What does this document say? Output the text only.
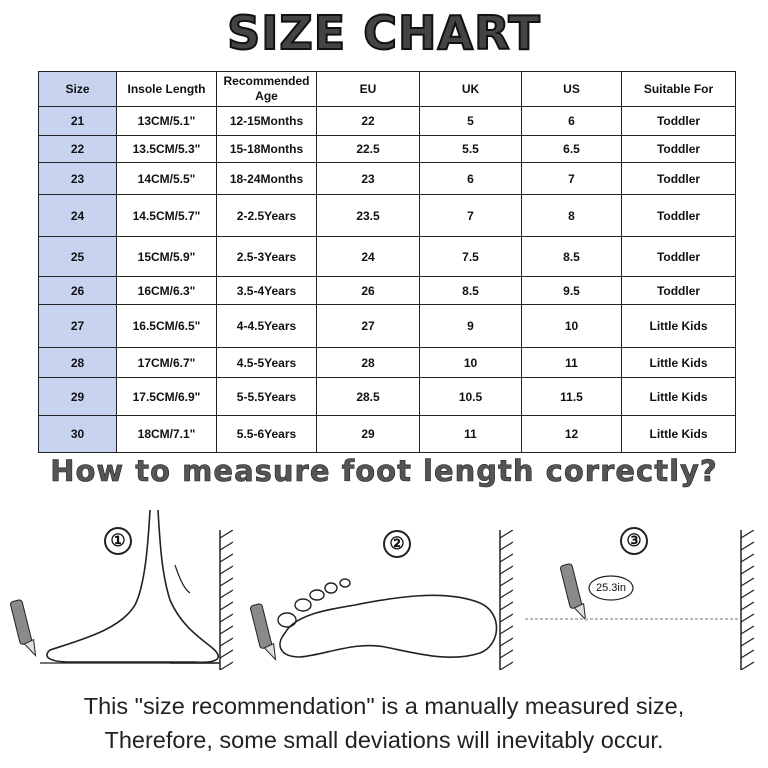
SIZE CHART
Size	Insole Length	Recommended Age	EU	UK	US	Suitable For
21	13CM/5.1"	12-15Months	22	5	6	Toddler
22	13.5CM/5.3"	15-18Months	22.5	5.5	6.5	Toddler
23	14CM/5.5"	18-24Months	23	6	7	Toddler
24	14.5CM/5.7"	2-2.5Years	23.5	7	8	Toddler
25	15CM/5.9"	2.5-3Years	24	7.5	8.5	Toddler
26	16CM/6.3"	3.5-4Years	26	8.5	9.5	Toddler
27	16.5CM/6.5"	4-4.5Years	27	9	10	Little Kids
28	17CM/6.7"	4.5-5Years	28	10	11	Little Kids
29	17.5CM/6.9"	5-5.5Years	28.5	10.5	11.5	Little Kids
30	18CM/7.1"	5.5-6Years	29	11	12	Little Kids
How to measure foot length correctly?
①	②	③
25.3in
This "size recommendation" is a manually measured size,
Therefore, some small deviations will inevitably occur.
